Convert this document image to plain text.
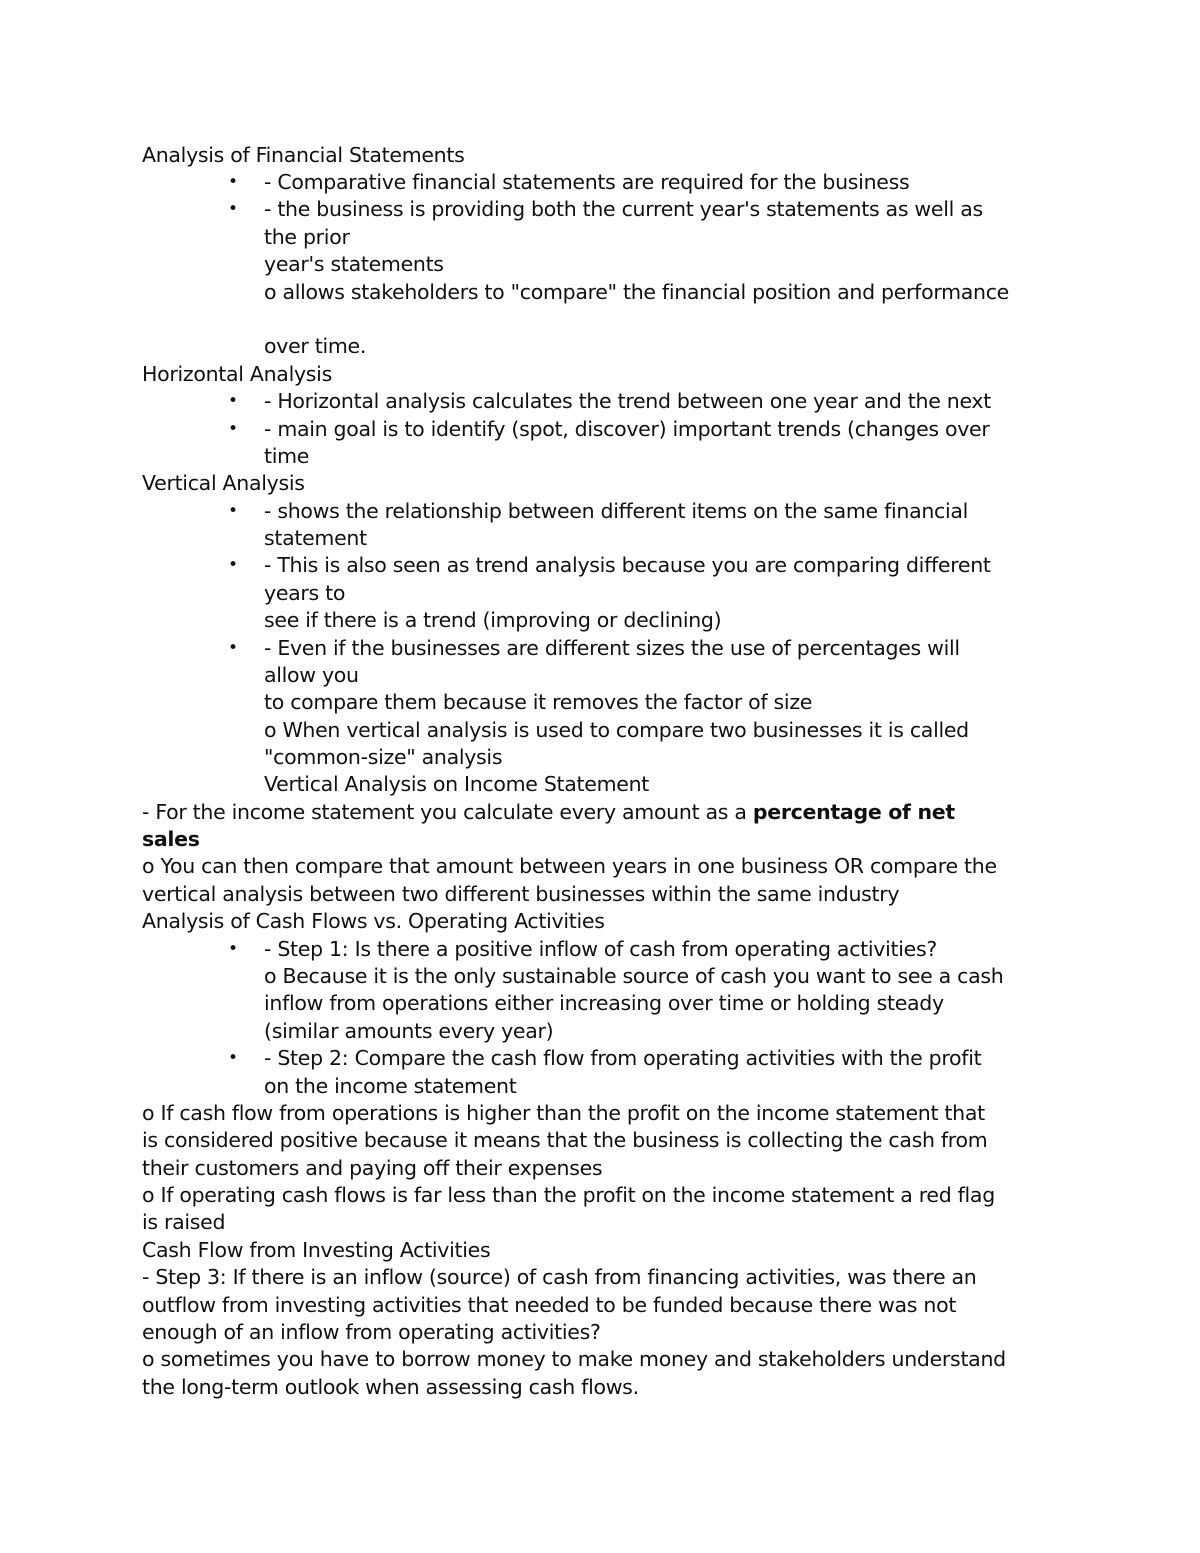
Analysis of Financial Statements
• - Comparative financial statements are required for the business
• - the business is providing both the current year's statements as well as
the prior
year's statements
o allows stakeholders to "compare" the financial position and performance
over time.
Horizontal Analysis
• - Horizontal analysis calculates the trend between one year and the next
• - main goal is to identify (spot, discover) important trends (changes over
time
Vertical Analysis
• - shows the relationship between different items on the same financial
statement
• - This is also seen as trend analysis because you are comparing different
years to
see if there is a trend (improving or declining)
• - Even if the businesses are different sizes the use of percentages will
allow you
to compare them because it removes the factor of size
o When vertical analysis is used to compare two businesses it is called
"common-size" analysis
Vertical Analysis on Income Statement
- For the income statement you calculate every amount as a percentage of net
sales
o You can then compare that amount between years in one business OR compare the
vertical analysis between two different businesses within the same industry
Analysis of Cash Flows vs. Operating Activities
• - Step 1: Is there a positive inflow of cash from operating activities?
o Because it is the only sustainable source of cash you want to see a cash
inflow from operations either increasing over time or holding steady
(similar amounts every year)
• - Step 2: Compare the cash flow from operating activities with the profit
on the income statement
o If cash flow from operations is higher than the profit on the income statement that
is considered positive because it means that the business is collecting the cash from
their customers and paying off their expenses
o If operating cash flows is far less than the profit on the income statement a red flag
is raised
Cash Flow from Investing Activities
- Step 3: If there is an inflow (source) of cash from financing activities, was there an
outflow from investing activities that needed to be funded because there was not
enough of an inflow from operating activities?
o sometimes you have to borrow money to make money and stakeholders understand
the long-term outlook when assessing cash flows.
